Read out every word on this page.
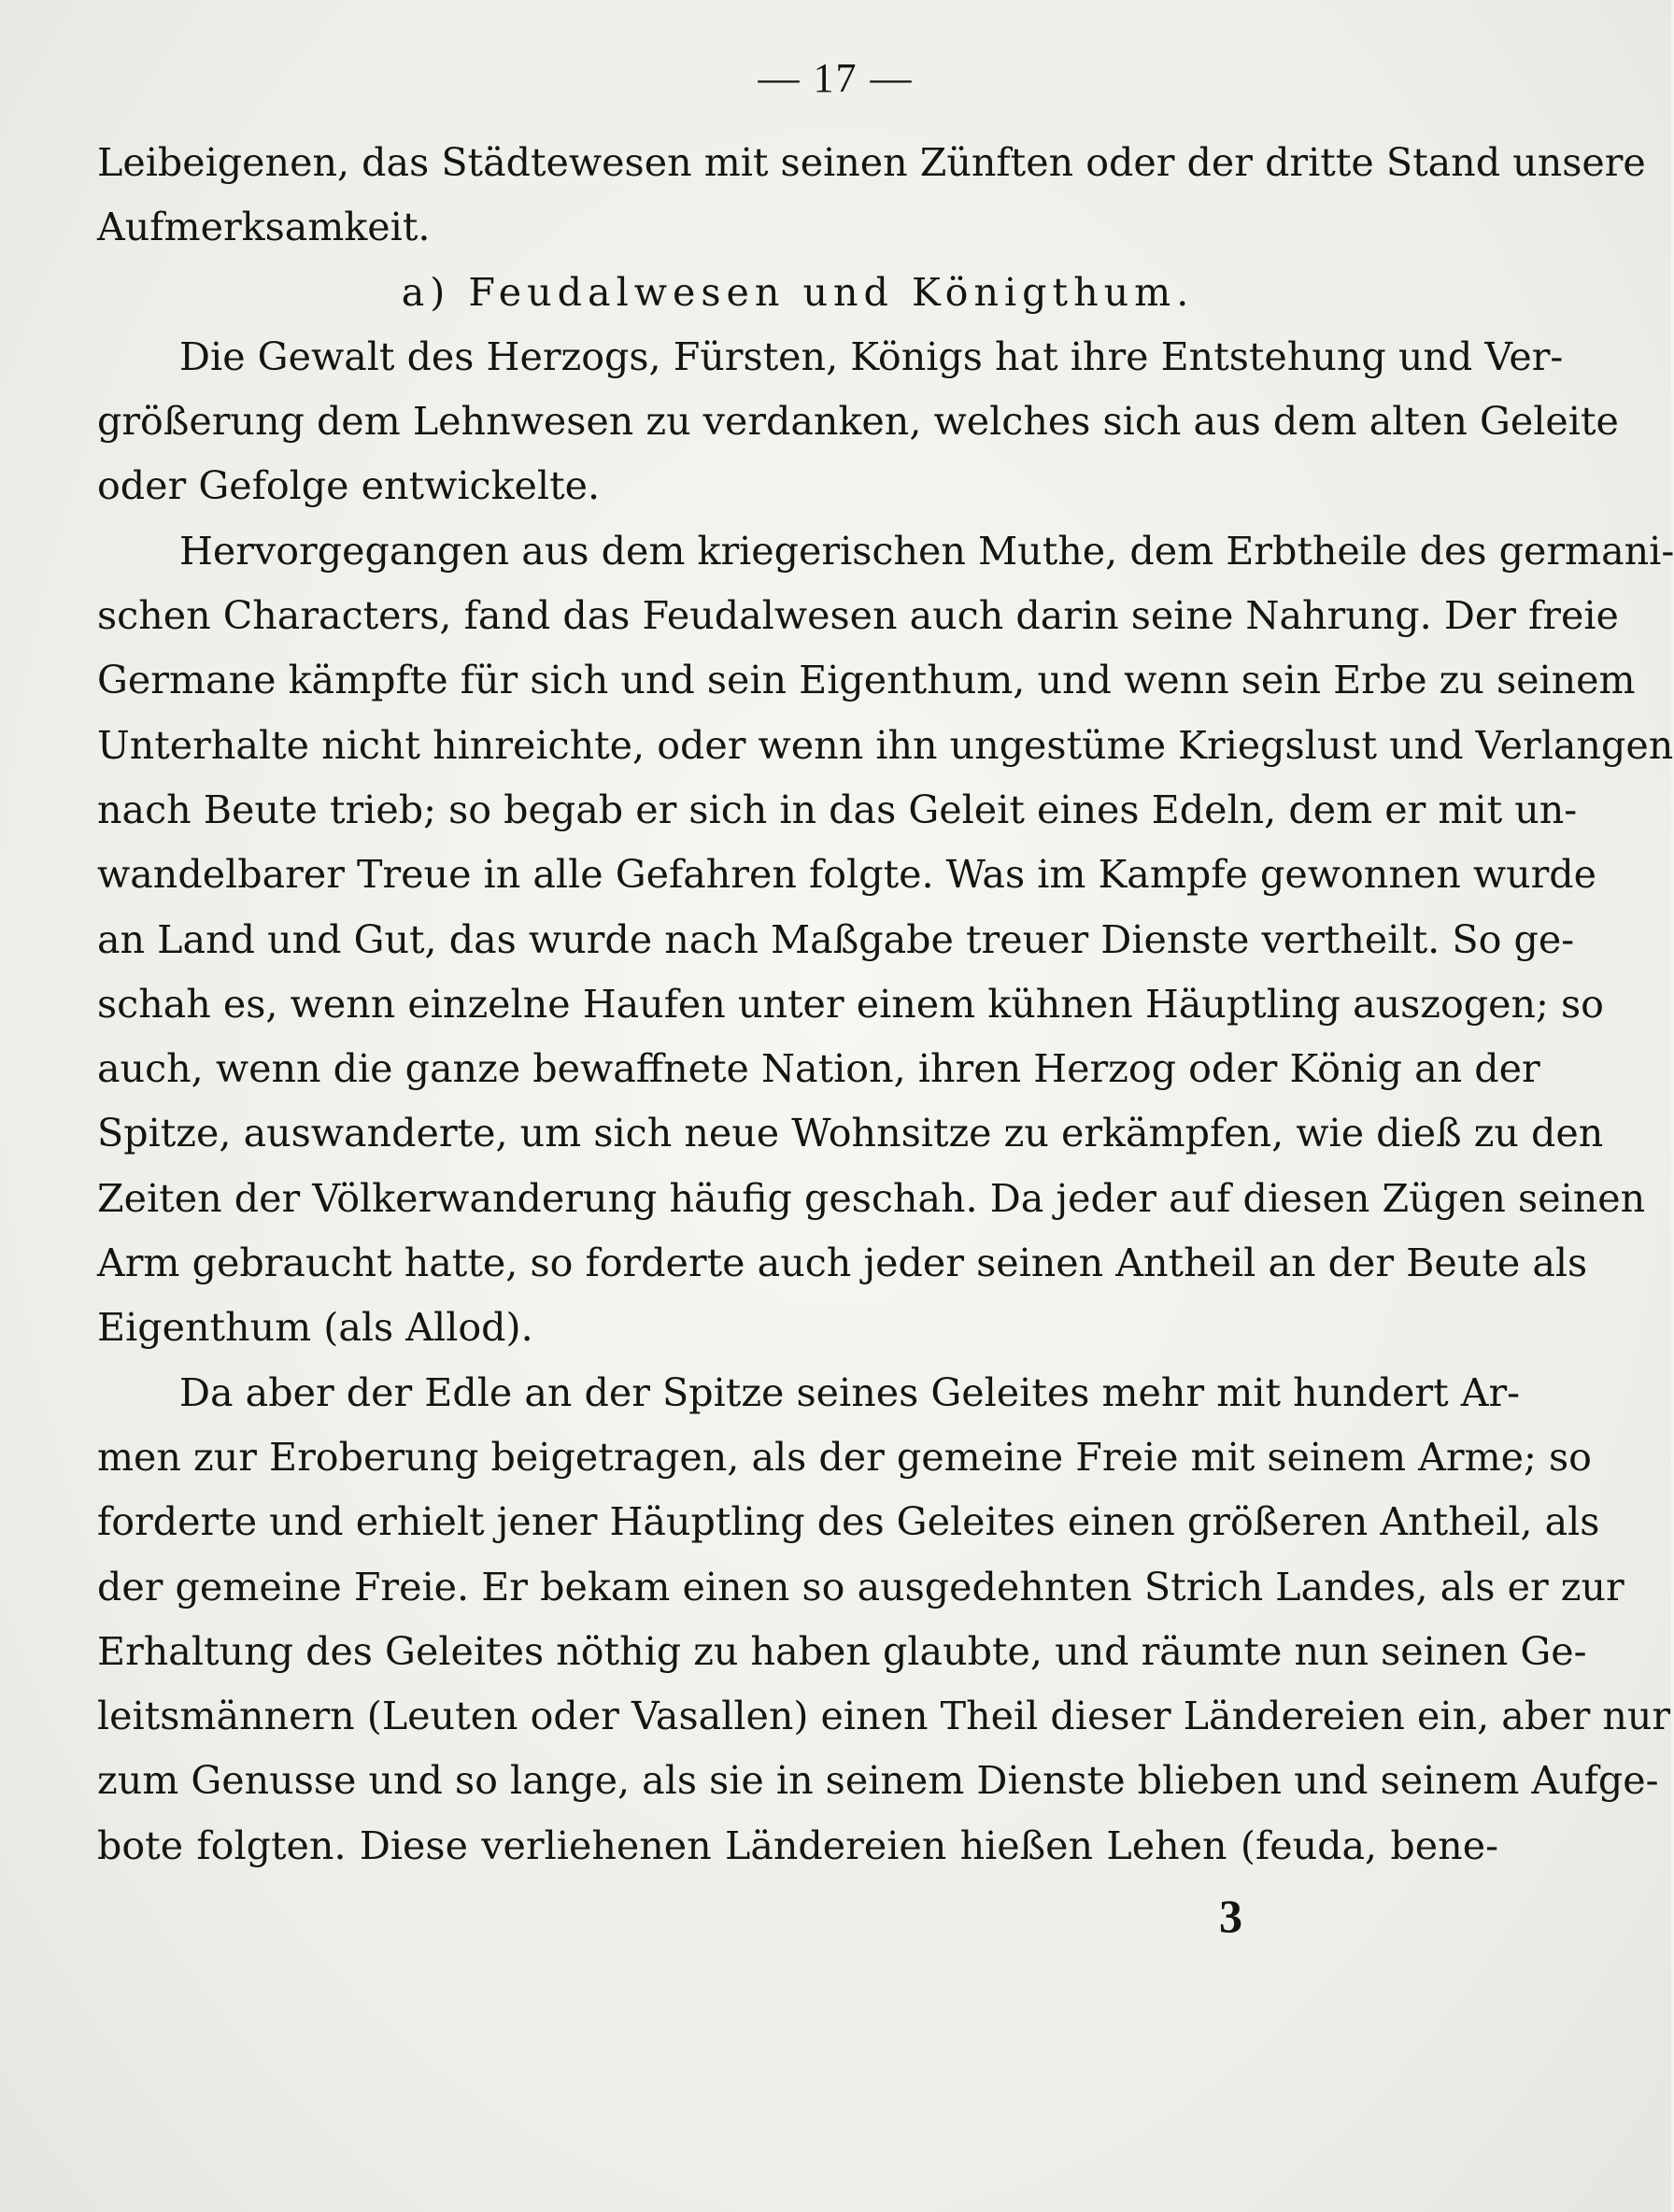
— 17 —
Leibeigenen, das Städtewesen mit seinen Zünften oder der dritte Stand unsere
Aufmerksamkeit.
a) Feudalwesen und Königthum.
Die Gewalt des Herzogs, Fürsten, Königs hat ihre Entstehung und Ver-
größerung dem Lehnwesen zu verdanken, welches sich aus dem alten Geleite
oder Gefolge entwickelte.
Hervorgegangen aus dem kriegerischen Muthe, dem Erbtheile des germani-
schen Characters, fand das Feudalwesen auch darin seine Nahrung. Der freie
Germane kämpfte für sich und sein Eigenthum, und wenn sein Erbe zu seinem
Unterhalte nicht hinreichte, oder wenn ihn ungestüme Kriegslust und Verlangen
nach Beute trieb; so begab er sich in das Geleit eines Edeln, dem er mit un-
wandelbarer Treue in alle Gefahren folgte. Was im Kampfe gewonnen wurde
an Land und Gut, das wurde nach Maßgabe treuer Dienste vertheilt. So ge-
schah es, wenn einzelne Haufen unter einem kühnen Häuptling auszogen; so
auch, wenn die ganze bewaffnete Nation, ihren Herzog oder König an der
Spitze, auswanderte, um sich neue Wohnsitze zu erkämpfen, wie dieß zu den
Zeiten der Völkerwanderung häufig geschah. Da jeder auf diesen Zügen seinen
Arm gebraucht hatte, so forderte auch jeder seinen Antheil an der Beute als
Eigenthum (als Allod).
Da aber der Edle an der Spitze seines Geleites mehr mit hundert Ar-
men zur Eroberung beigetragen, als der gemeine Freie mit seinem Arme; so
forderte und erhielt jener Häuptling des Geleites einen größeren Antheil, als
der gemeine Freie. Er bekam einen so ausgedehnten Strich Landes, als er zur
Erhaltung des Geleites nöthig zu haben glaubte, und räumte nun seinen Ge-
leitsmännern (Leuten oder Vasallen) einen Theil dieser Ländereien ein, aber nur
zum Genusse und so lange, als sie in seinem Dienste blieben und seinem Aufge-
bote folgten. Diese verliehenen Ländereien hießen Lehen (feuda, bene-
3
